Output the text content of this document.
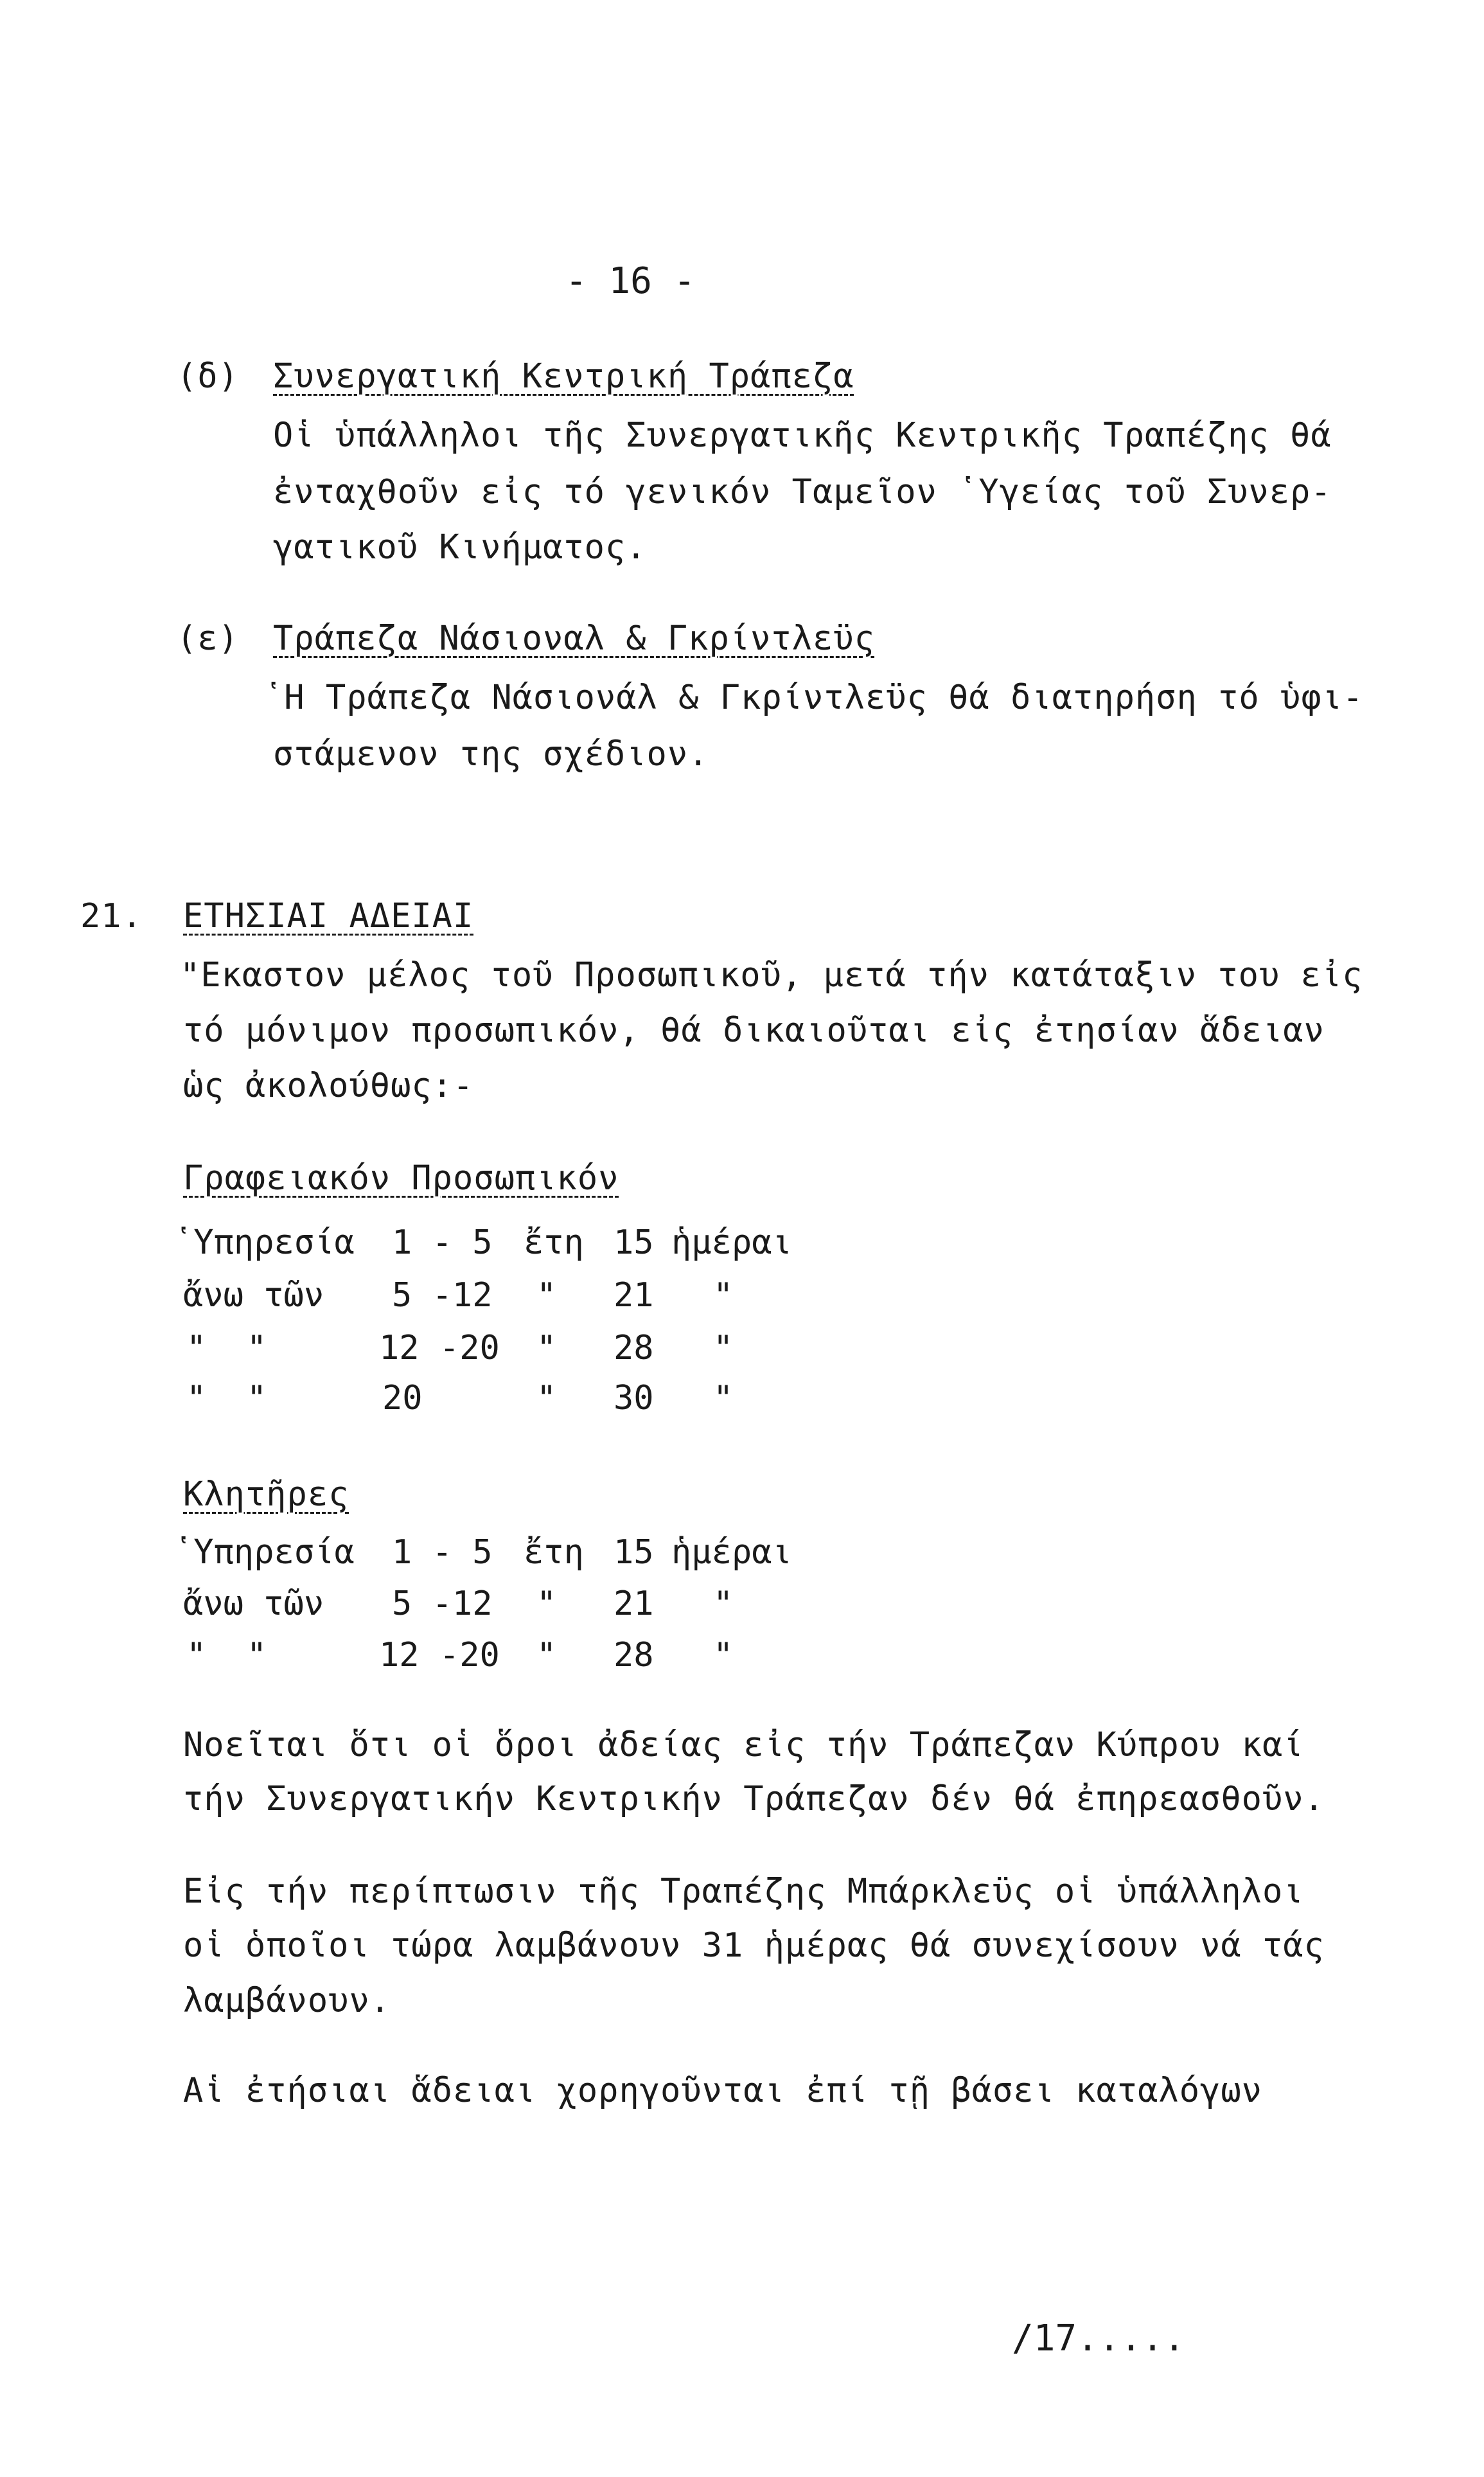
- 16 -
(δ) Συνεργατική Κεντρική Τράπεζα
Οἱ ὑπάλληλοι τῆς Συνεργατικῆς Κεντρικῆς Τραπέζης θά
ἐνταχθοῦν εἰς τό γενικόν Ταμεῖον ῾Υγείας τοῦ Συνερ-
γατικοῦ Κινήματος.
(ε) Τράπεζα Νάσιοναλ & Γκρίντλεϋς
῾Η Τράπεζα Νάσιονάλ & Γκρίντλεϋς θά διατηρήση τό ὑφι-
στάμενον της σχέδιον.
21. ΕΤΗΣΙΑΙ ΑΔΕΙΑΙ
"Εκαστον μέλος τοῦ Προσωπικοῦ, μετά τήν κατάταξιν του εἰς
τό μόνιμον προσωπικόν, θά δικαιοῦται εἰς ἐτησίαν ἅδειαν
ὡς ἀκολούθως:-
Γραφειακόν Προσωπικόν
῾Υπηρεσία 1 - 5 ἔτη 15 ἡμέραι
ἄνω τῶν 5 -12 " 21 "
"  "	12 -20 " 28 "
"  "	20	" 30 "
Κλητῆρες
῾Υπηρεσία 1 - 5 ἔτη 15 ἡμέραι
ἄνω τῶν 5 -12 " 21 "
"  "	12 -20 " 28 "
Νοεῖται ὅτι οἱ ὅροι ἀδείας εἰς τήν Τράπεζαν Κύπρου καί
τήν Συνεργατικήν Κεντρικήν Τράπεζαν δέν θά ἐπηρεασθοῦν.
Εἰς τήν περίπτωσιν τῆς Τραπέζης Μπάρκλεϋς οἱ ὑπάλληλοι
οἱ ὁποῖοι τώρα λαμβάνουν 31 ἡμέρας θά συνεχίσουν νά τάς
λαμβάνουν.
Αἱ ἐτήσιαι ἅδειαι χορηγοῦνται ἐπί τῇ βάσει καταλόγων
/17.....
